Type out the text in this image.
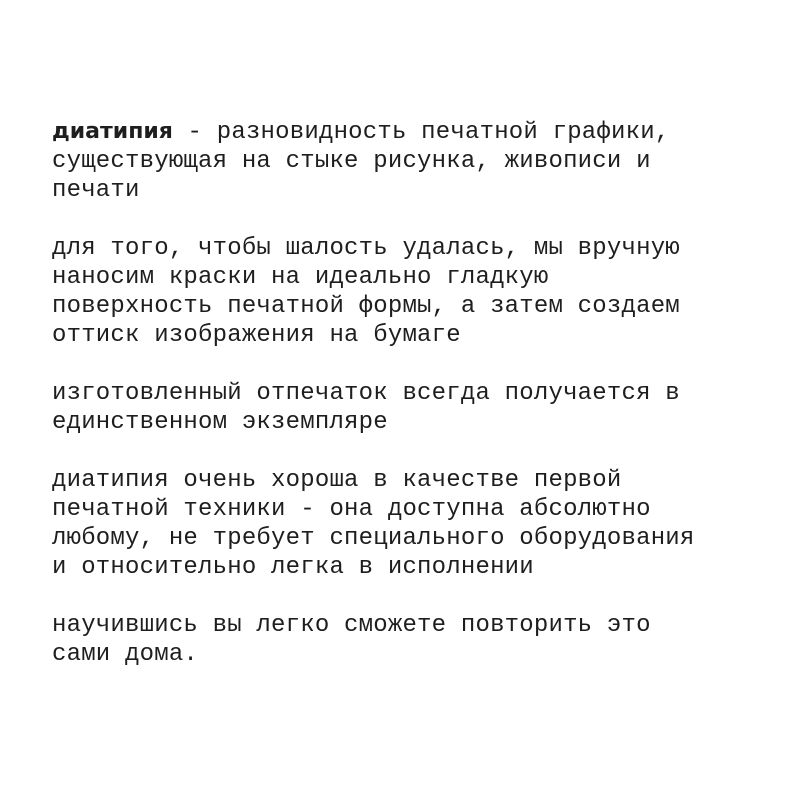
диатипия - разновидность печатной графики,
существующая на стыке рисунка, живописи и
печати

для того, чтобы шалость удалась, мы вручную
наносим краски на идеально гладкую
поверхность печатной формы, а затем создаем
оттиск изображения на бумаге

изготовленный отпечаток всегда получается в
единственном экземпляре

диатипия очень хороша в качестве первой
печатной техники - она доступна абсолютно
любому, не требует специального оборудования
и относительно легка в исполнении

научившись вы легко сможете повторить это
сами дома.
